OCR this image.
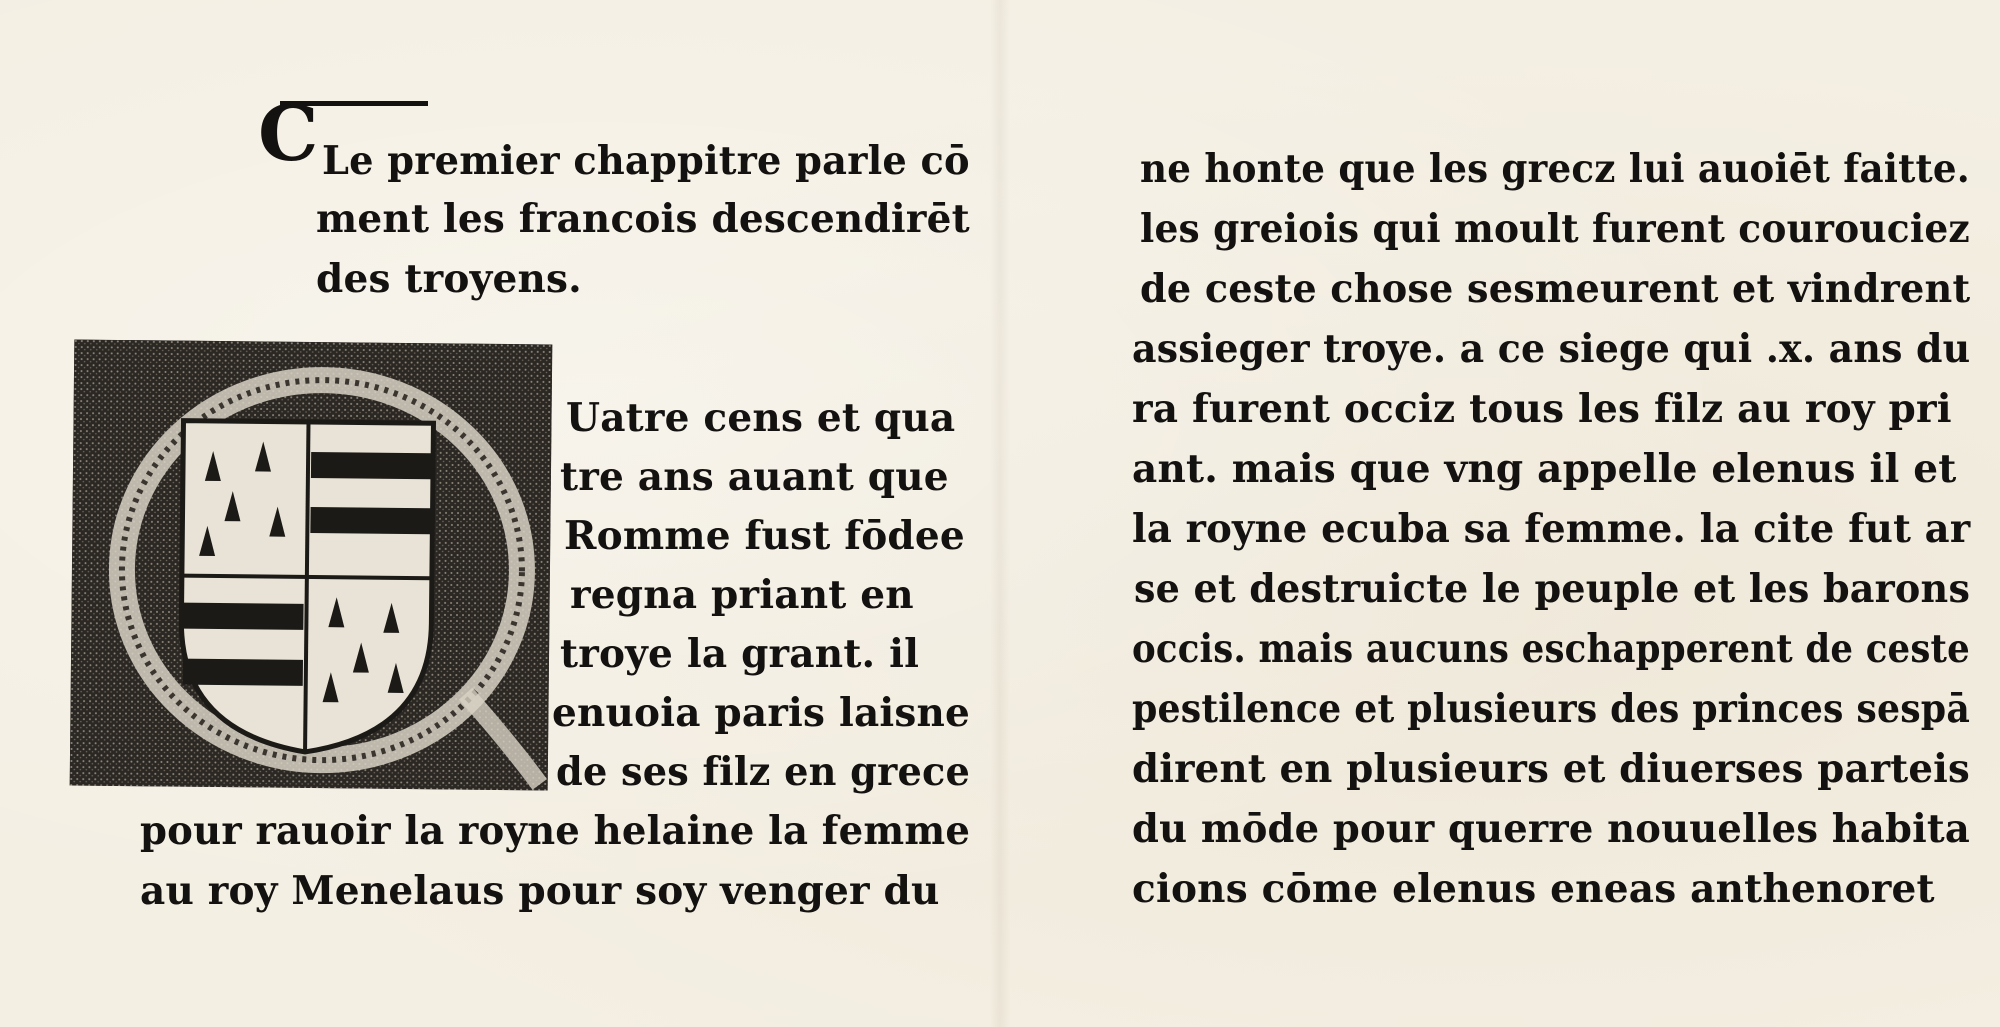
C Le premier chappitre parle cō
ment les francois descendirēt
des troyens.
Uatre cens et qua
tre ans auant que
Romme fust fōdee
regna priant en
troye la grant. il
enuoia paris laisne
de ses filz en grece
pour rauoir la royne helaine la femme
au roy Menelaus pour soy venger du
ne honte que les grecz lui auoiēt faitte.
les greiois qui moult furent courouciez
de ceste chose sesmeurent et vindrent
assieger troye. a ce siege qui .x. ans du
ra furent occiz tous les filz au roy pri
ant. mais que vng appelle elenus il et
la royne ecuba sa femme. la cite fut ar
se et destruicte le peuple et les barons
occis. mais aucuns eschapperent de ceste
pestilence et plusieurs des princes sespā
dirent en plusieurs et diuerses parteis
du mōde pour querre nouuelles habita
cions cōme elenus eneas anthenoret
